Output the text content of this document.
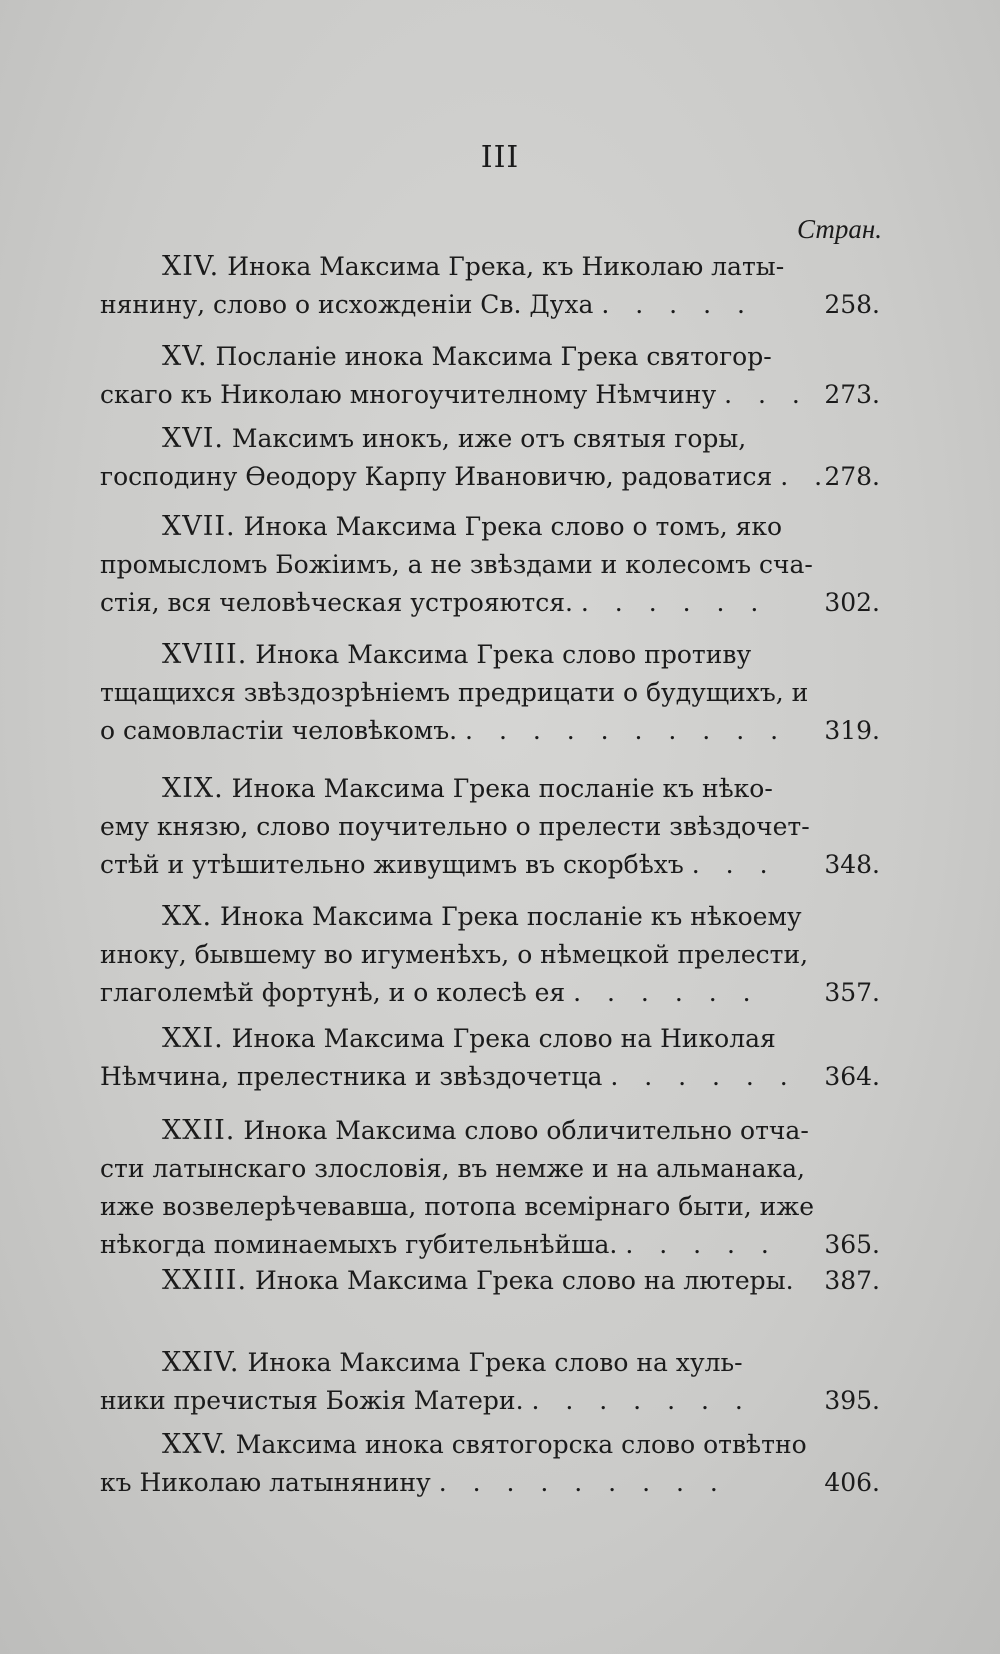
III
Стран.
XIV. Инока Максима Грека, къ Николаю латы-
нянину, слово о исхожденіи Св. Духа . . . . .	258.
XV. Посланіе инока Максима Грека святогор-
скаго къ Николаю многоучителному Нѣмчину . . . 273.
XVI. Максимъ инокъ, иже отъ святыя горы,
господину Ѳеодору Карпу Ивановичю, радоватися . .
278.
XVII. Инока Максима Грека слово о томъ, яко
промысломъ Божіимъ, а не звѣздами и колесомъ сча-
стія, вся человѣческая устрояются. . . . . . . 302.
XVIII. Инока Максима Грека слово противу
тщащихся звѣздозрѣніемъ предрицати о будущихъ, и
о самовластіи человѣкомъ. . . . . . . . . . . 319.
XIX. Инока Максима Грека посланіе къ нѣко-
ему князю, слово поучительно о прелести звѣздочет-
стѣй и утѣшительно живущимъ въ скорбѣхъ . . . 348.
XX. Инока Максима Грека посланіе къ нѣкоему
иноку, бывшему во игуменѣхъ, о нѣмецкой прелести,
глаголемѣй фортунѣ, и о колесѣ ея . . . . . .	357.
XXI. Инока Максима Грека слово на Николая
Нѣмчина, прелестника и звѣздочетца . . . . . . 364.
XXII. Инока Максима слово обличительно отча-
сти латынскаго злословія, въ немже и на альманака,
иже возвелерѣчевавша, потопа всемірнаго быти, иже
нѣкогда поминаемыхъ губительнѣйша. . . . . . 365.
XXIII. Инока Максима Грека слово на лютеры. 387.
XXIV. Инока Максима Грека слово на хуль-
ники пречистыя Божія Матери. . . . . . . .	395.
XXV. Максима инока святогорска слово отвѣтно
къ Николаю латынянину . . . . . . . . .	406.
